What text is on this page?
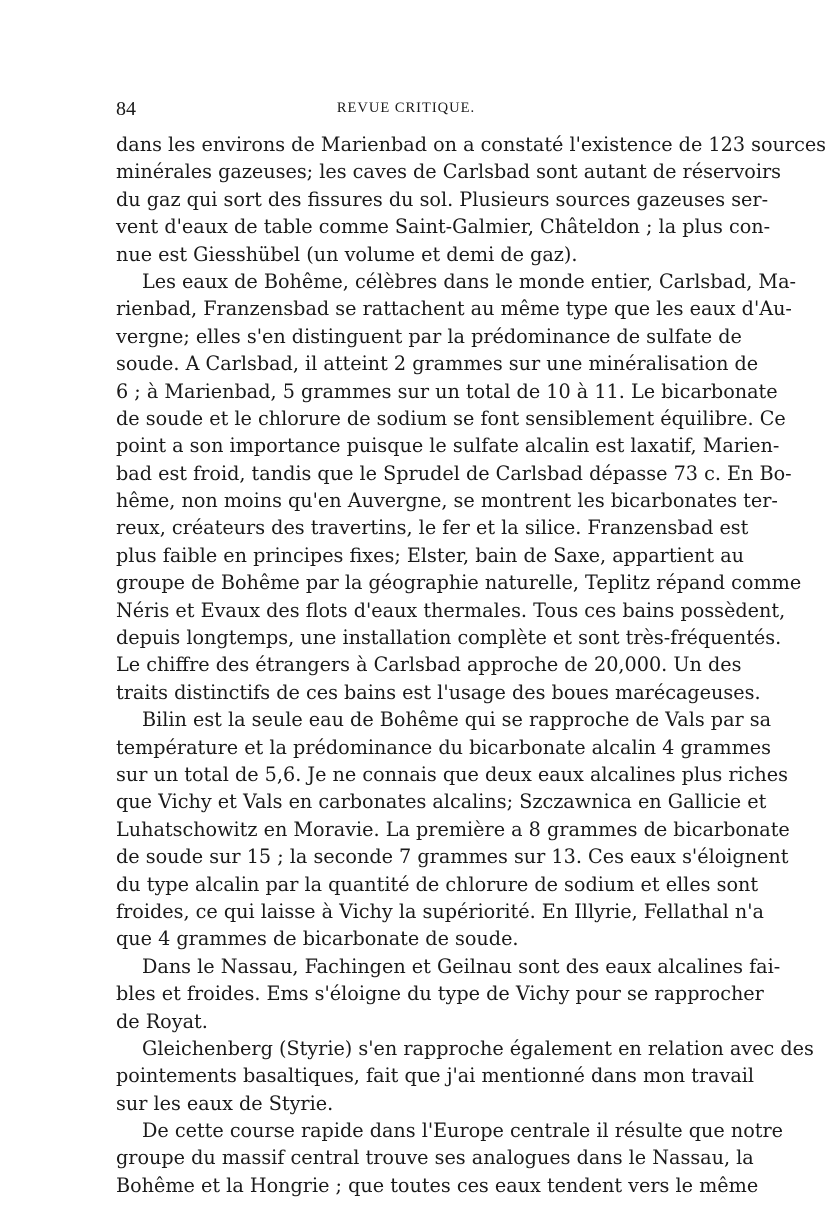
84	REVUE CRITIQUE.
dans les environs de Marienbad on a constaté l'existence de 123 sources
minérales gazeuses; les caves de Carlsbad sont autant de réservoirs
du gaz qui sort des fissures du sol. Plusieurs sources gazeuses ser-
vent d'eaux de table comme Saint-Galmier, Châteldon ; la plus con-
nue est Giesshübel (un volume et demi de gaz).
Les eaux de Bohême, célèbres dans le monde entier, Carlsbad, Ma-
rienbad, Franzensbad se rattachent au même type que les eaux d'Au-
vergne; elles s'en distinguent par la prédominance de sulfate de
soude. A Carlsbad, il atteint 2 grammes sur une minéralisation de
6 ; à Marienbad, 5 grammes sur un total de 10 à 11. Le bicarbonate
de soude et le chlorure de sodium se font sensiblement équilibre. Ce
point a son importance puisque le sulfate alcalin est laxatif, Marien-
bad est froid, tandis que le Sprudel de Carlsbad dépasse 73 c. En Bo-
hême, non moins qu'en Auvergne, se montrent les bicarbonates ter-
reux, créateurs des travertins, le fer et la silice. Franzensbad est
plus faible en principes fixes; Elster, bain de Saxe, appartient au
groupe de Bohême par la géographie naturelle, Teplitz répand comme
Néris et Evaux des flots d'eaux thermales. Tous ces bains possèdent,
depuis longtemps, une installation complète et sont très-fréquentés.
Le chiffre des étrangers à Carlsbad approche de 20,000. Un des
traits distinctifs de ces bains est l'usage des boues marécageuses.
Bilin est la seule eau de Bohême qui se rapproche de Vals par sa
température et la prédominance du bicarbonate alcalin 4 grammes
sur un total de 5,6. Je ne connais que deux eaux alcalines plus riches
que Vichy et Vals en carbonates alcalins; Szczawnica en Gallicie et
Luhatschowitz en Moravie. La première a 8 grammes de bicarbonate
de soude sur 15 ; la seconde 7 grammes sur 13. Ces eaux s'éloignent
du type alcalin par la quantité de chlorure de sodium et elles sont
froides, ce qui laisse à Vichy la supériorité. En Illyrie, Fellathal n'a
que 4 grammes de bicarbonate de soude.
Dans le Nassau, Fachingen et Geilnau sont des eaux alcalines fai-
bles et froides. Ems s'éloigne du type de Vichy pour se rapprocher
de Royat.
Gleichenberg (Styrie) s'en rapproche également en relation avec des
pointements basaltiques, fait que j'ai mentionné dans mon travail
sur les eaux de Styrie.
De cette course rapide dans l'Europe centrale il résulte que notre
groupe du massif central trouve ses analogues dans le Nassau, la
Bohême et la Hongrie ; que toutes ces eaux tendent vers le même
